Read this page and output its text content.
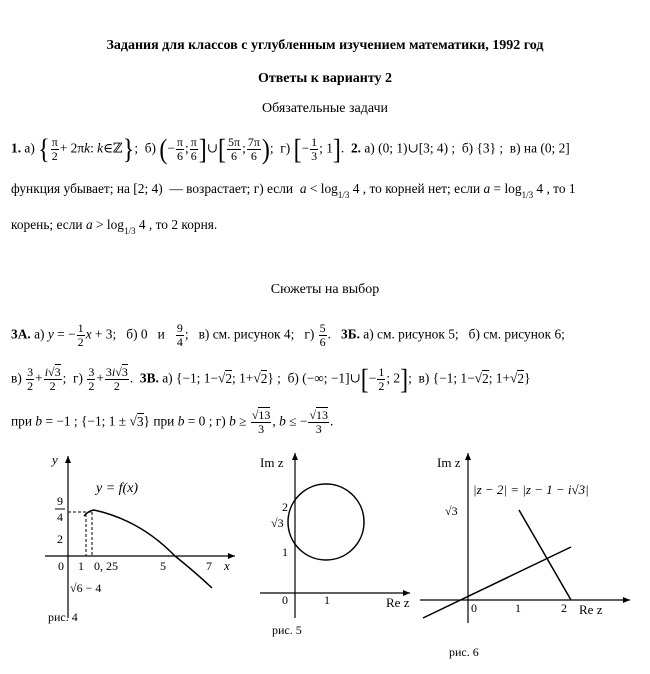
Задания для классов с углубленным изучением математики, 1992 год
Ответы к варианту 2
Обязательные задачи
1. а) { $\frac{\pi}{2} + 2\pi k$: k∈ℤ};  б) (− $\frac{\pi}{6}$ ; $\frac{\pi}{6}$ ]∪[ $\frac{5\pi}{6}$ ; $\frac{7\pi}{6}$ );  г) [− $\frac{1}{3}$ ; 1].  2. а) (0; 1)∪[3; 4) ;  б) {3} ;  в) на (0; 2]
функция убывает; на [2; 4)  — возрастает; г) если $a < \log_{1/3} 4$ , то корней нет; если $a = \log_{1/3} 4$ , то 1
корень; если $a > \log_{1/3} 4$ , то 2 корня.
Сюжеты на выбор
3А. а) y = − $\frac{1}{2}$ x + 3;   б) 0   и $\frac{9}{4}$ ;   в) см. рисунок 4;   $г) \frac{5}{6}$ .   3Б. а) см. рисунок 5; б) см. рисунок 6;
$в) \frac{3}{2} + \frac{i√3}{2}$ ;  $г) \frac{3}{2} + \frac{3i√3}{2}$ .  3В. а) {−1; 1−√2; 1+√2} ;  б) (−∞; −1]∪[− $\frac{1}{2}$ ; 2];  в) {−1; 1−√2; 1+√2}
при b = −1 ; {−1; 1 ± √3} при b = 0 ; г) $b \ge \frac{√13}{3}$ , b ≤ − $\frac{√13}{3}$ .
y
x
y = f(x)
9
4
2
0 1 0, 25	5	7
√6 − 4
рис. 4
Im z
Re z
2
√3
1
0	1
рис. 5
Im z
Re z
|z − 2| = |z − 1 − i√3|
√3
0	1	2
рис. 6
